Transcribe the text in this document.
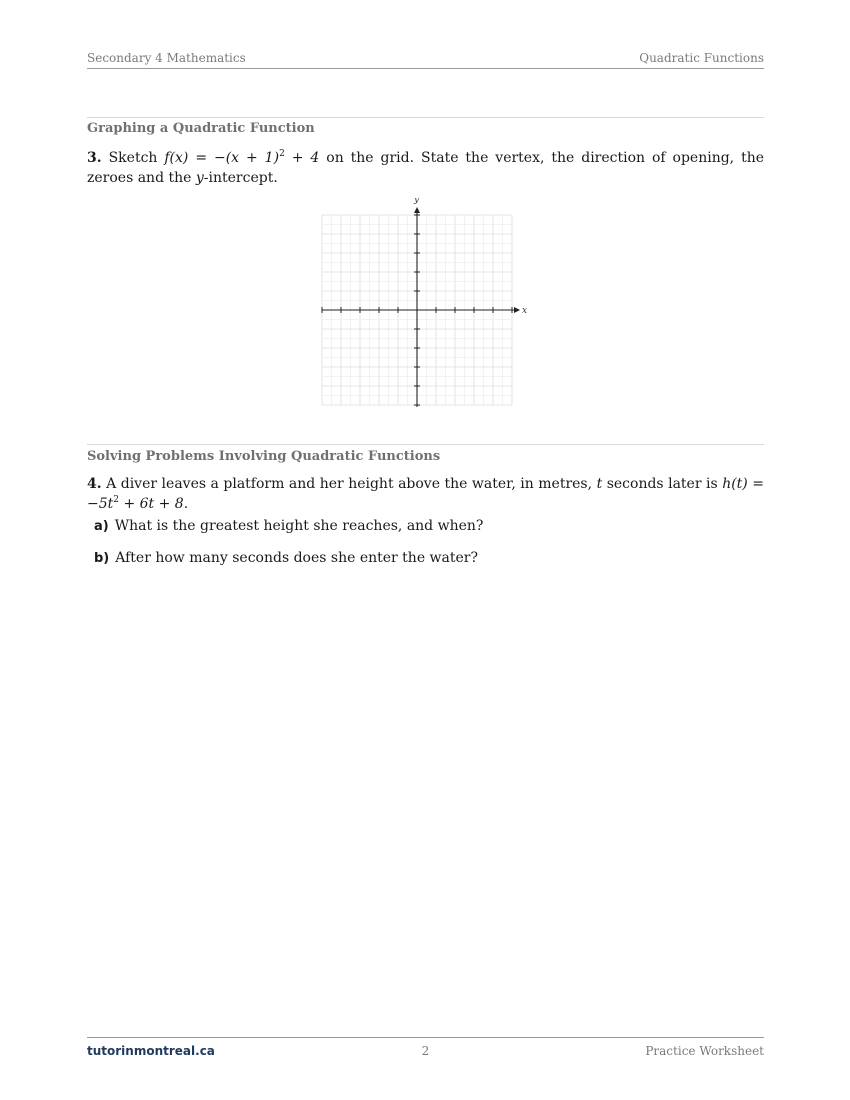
Secondary 4 Mathematics	Quadratic Functions
Graphing a Quadratic Function
3. Sketch $f(x) = -(x + 1)^2 + 4$ on the grid. State the vertex, the direction of opening, the zeroes and the y-intercept.
x
y
Solving Problems Involving Quadratic Functions
4. A diver leaves a platform and her height above the water, in metres, t seconds later is $h(t) = -5t^2 + 6t + 8$.
a) What is the greatest height she reaches, and when?
b) After how many seconds does she enter the water?
tutorinmontreal.ca	2	Practice Worksheet
